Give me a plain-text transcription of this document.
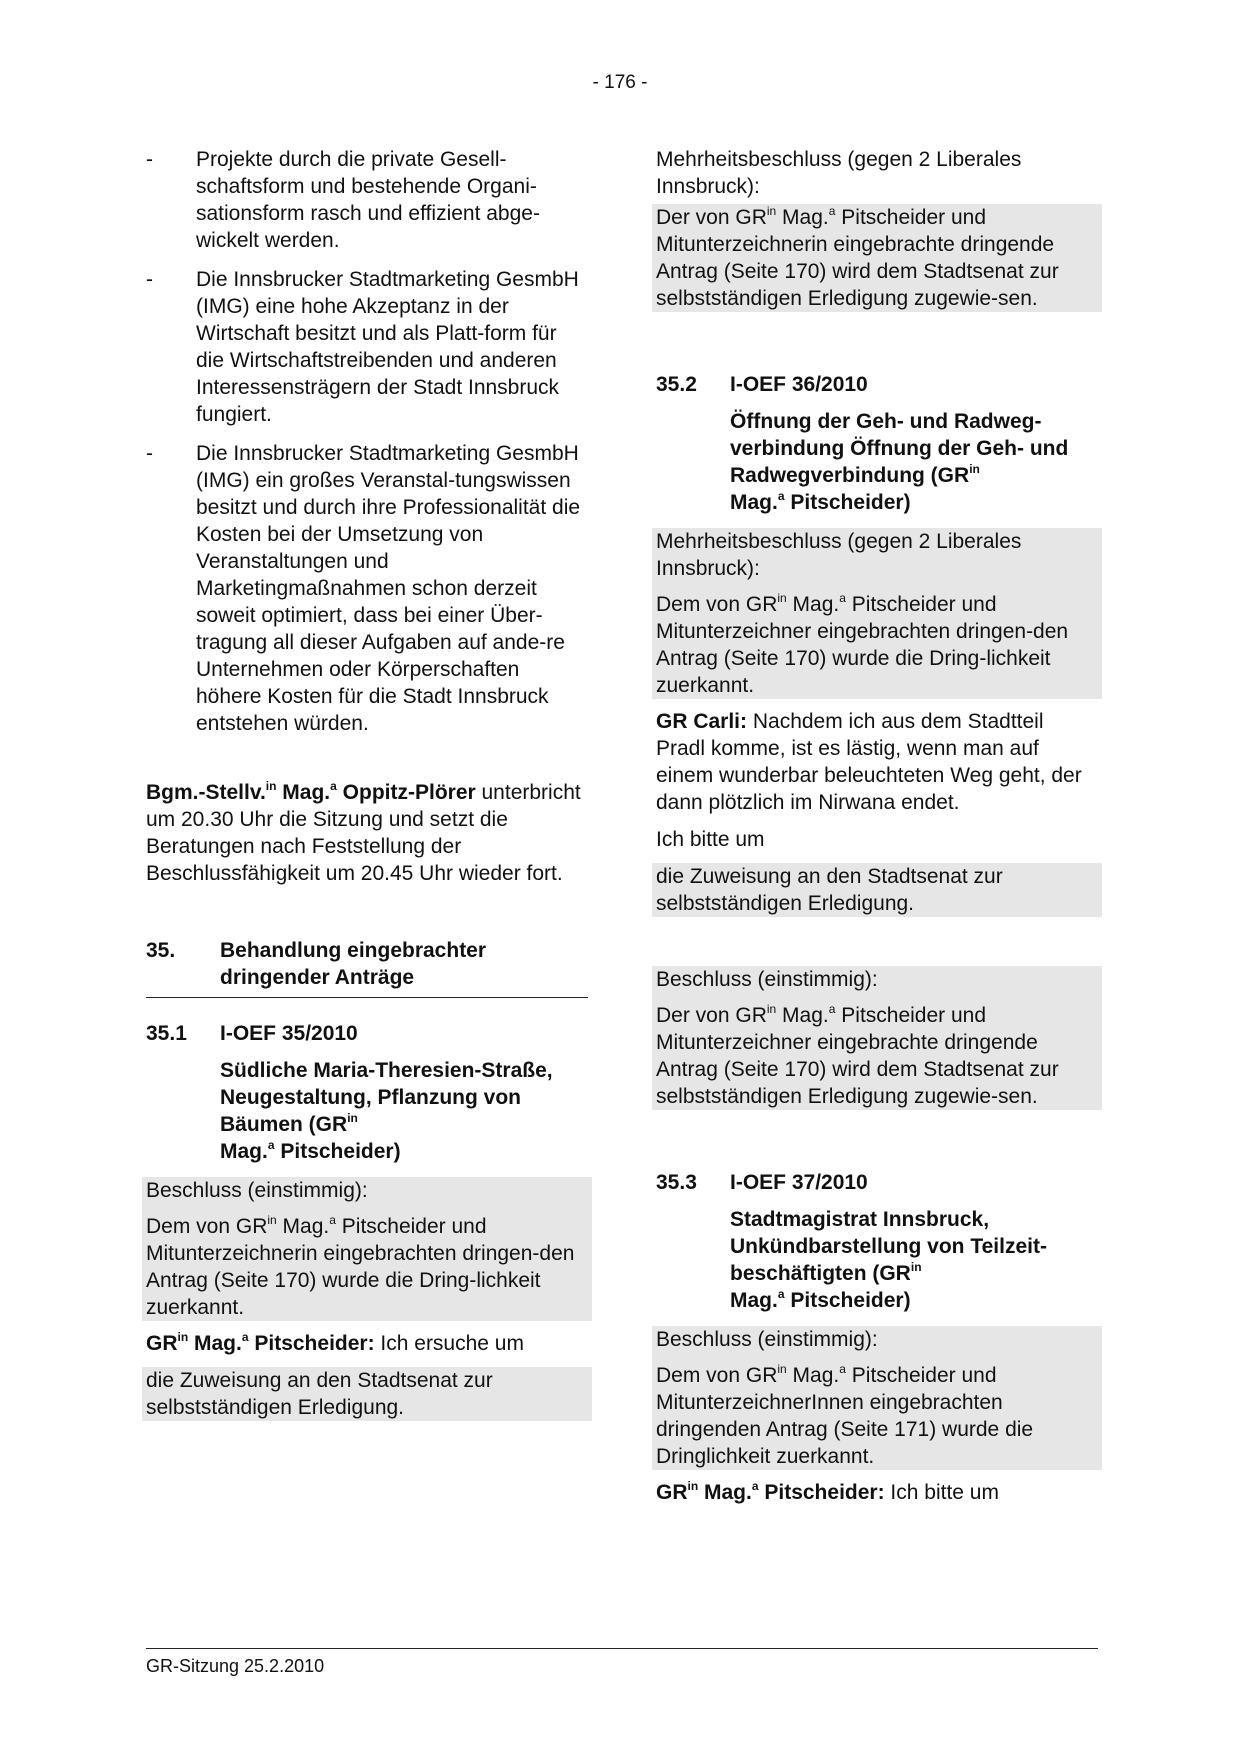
- 176 -
-	Projekte durch die private Gesell-schaftsform und bestehende Organi-sationsform rasch und effizient abge-wickelt werden.
-	Die Innsbrucker Stadtmarketing GesmbH (IMG) eine hohe Akzeptanz in der Wirtschaft besitzt und als Platt-form für die Wirtschaftstreibenden und anderen Interessensträgern der Stadt Innsbruck fungiert.
-	Die Innsbrucker Stadtmarketing GesmbH (IMG) ein großes Veranstal-tungswissen besitzt und durch ihre Professionalität die Kosten bei der Umsetzung von Veranstaltungen und Marketingmaßnahmen schon derzeit soweit optimiert, dass bei einer Über-tragung all dieser Aufgaben auf ande-re Unternehmen oder Körperschaften höhere Kosten für die Stadt Innsbruck entstehen würden.

Bgm.-Stellv.$^{in}$ Mag.$^a$ Oppitz-Plörer unterbricht um 20.30 Uhr die Sitzung und setzt die Beratungen nach Feststellung der Beschlussfähigkeit um 20.45 Uhr wieder fort.

35.	Behandlung eingebrachter dringender Anträge
35.1	I-OEF 35/2010
Südliche Maria-Theresien-Straße, Neugestaltung, Pflanzung von Bäumen ($GR^{in}$
Mag.$^a$ Pitscheider)

Beschluss (einstimmig):

Dem von $GR^{in}$ Mag.$^a$ Pitscheider und Mitunterzeichnerin eingebrachten dringen-den Antrag (Seite 170) wurde die Dring-lichkeit zuerkannt.

$GR^{in}$ Mag.$^a$ Pitscheider: Ich ersuche um

die Zuweisung an den Stadtsenat zur selbstständigen Erledigung.

Mehrheitsbeschluss (gegen 2 Liberales Innsbruck):

Der von $GR^{in}$ Mag.$^a$ Pitscheider und Mitunterzeichnerin eingebrachte dringende Antrag (Seite 170) wird dem Stadtsenat zur selbstständigen Erledigung zugewie-sen.

35.2	I-OEF 36/2010
Öffnung der Geh- und Radweg-verbindung Öffnung der Geh- und Radwegverbindung ($GR^{in}$
Mag.$^a$ Pitscheider)

Mehrheitsbeschluss (gegen 2 Liberales Innsbruck):

Dem von $GR^{in}$ Mag.$^a$ Pitscheider und Mitunterzeichner eingebrachten dringen-den Antrag (Seite 170) wurde die Dring-lichkeit zuerkannt.

GR Carli: Nachdem ich aus dem Stadtteil Pradl komme, ist es lästig, wenn man auf einem wunderbar beleuchteten Weg geht, der dann plötzlich im Nirwana endet.

Ich bitte um

die Zuweisung an den Stadtsenat zur selbstständigen Erledigung.

Beschluss (einstimmig):

Der von $GR^{in}$ Mag.$^a$ Pitscheider und Mitunterzeichner eingebrachte dringende Antrag (Seite 170) wird dem Stadtsenat zur selbstständigen Erledigung zugewie-sen.

35.3	I-OEF 37/2010
Stadtmagistrat Innsbruck, Unkündbarstellung von Teilzeit-beschäftigten ($GR^{in}$
Mag.$^a$ Pitscheider)

Beschluss (einstimmig):

Dem von $GR^{in}$ Mag.$^a$ Pitscheider und MitunterzeichnerInnen eingebrachten dringenden Antrag (Seite 171) wurde die Dringlichkeit zuerkannt.

$GR^{in}$ Mag.$^a$ Pitscheider: Ich bitte um

GR-Sitzung 25.2.2010
